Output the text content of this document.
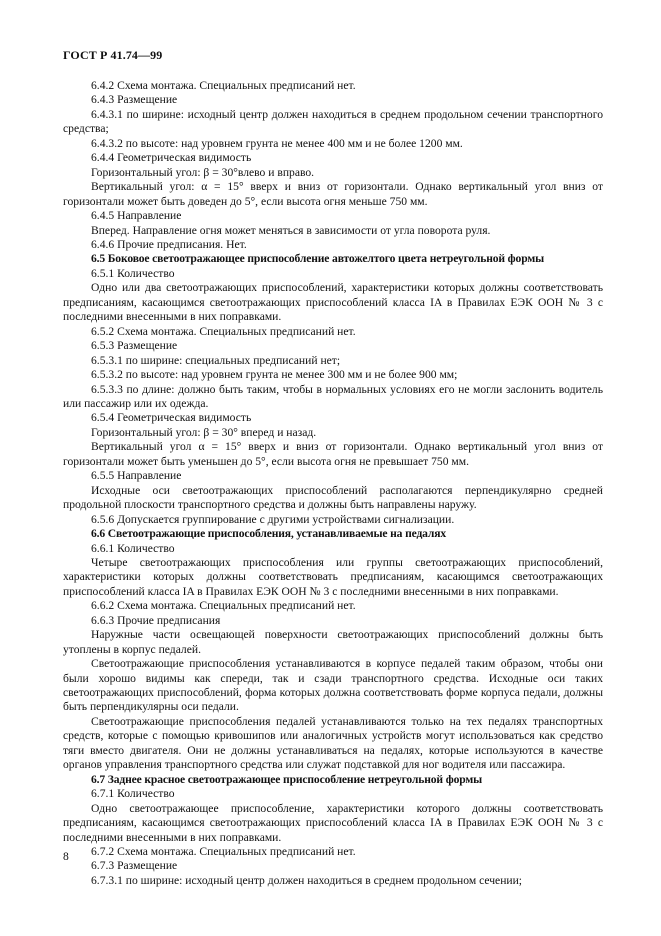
ГОСТ Р 41.74—99

6.4.2 Схема монтажа. Специальных предписаний нет.

6.4.3 Размещение

6.4.3.1 по ширине: исходный центр должен находиться в среднем продольном сечении транспортного средства;

6.4.3.2 по высоте: над уровнем грунта не менее 400 мм и не более 1200 мм.

6.4.4 Геометрическая видимость

Горизонтальный угол: β = 30°влево и вправо.

Вертикальный угол: α = 15° вверх и вниз от горизонтали. Однако вертикальный угол вниз от горизонтали может быть доведен до 5°, если высота огня меньше 750 мм.

6.4.5 Направление

Вперед. Направление огня может меняться в зависимости от угла поворота руля.

6.4.6 Прочие предписания. Нет.

6.5 Боковое светоотражающее приспособление автожелтого цвета нетреугольной формы

6.5.1 Количество

Одно или два светоотражающих приспособлений, характеристики которых должны соответствовать предписаниям, касающимся светоотражающих приспособлений класса IA в Правилах ЕЭК ООН № 3 с последними внесенными в них поправками.

6.5.2 Схема монтажа. Специальных предписаний нет.

6.5.3 Размещение

6.5.3.1 по ширине: специальных предписаний нет;

6.5.3.2 по высоте: над уровнем грунта не менее 300 мм и не более 900 мм;

6.5.3.3 по длине: должно быть таким, чтобы в нормальных условиях его не могли заслонить водитель или пассажир или их одежда.

6.5.4 Геометрическая видимость

Горизонтальный угол: β = 30° вперед и назад.

Вертикальный угол α = 15° вверх и вниз от горизонтали. Однако вертикальный угол вниз от горизонтали может быть уменьшен до 5°, если высота огня не превышает 750 мм.

6.5.5 Направление

Исходные оси светоотражающих приспособлений располагаются перпендикулярно средней продольной плоскости транспортного средства и должны быть направлены наружу.

6.5.6 Допускается группирование с другими устройствами сигнализации.

6.6 Светоотражающие приспособления, устанавливаемые на педалях

6.6.1 Количество

Четыре светоотражающих приспособления или группы светоотражающих приспособлений, характеристики которых должны соответствовать предписаниям, касающимся светоотражающих приспособлений класса IA в Правилах ЕЭК ООН № 3 с последними внесенными в них поправками.

6.6.2 Схема монтажа. Специальных предписаний нет.

6.6.3 Прочие предписания

Наружные части освещающей поверхности светоотражающих приспособлений должны быть утоплены в корпус педалей.

Светоотражающие приспособления устанавливаются в корпусе педалей таким образом, чтобы они были хорошо видимы как спереди, так и сзади транспортного средства. Исходные оси таких светоотражающих приспособлений, форма которых должна соответствовать форме корпуса педали, должны быть перпендикулярны оси педали.

Светоотражающие приспособления педалей устанавливаются только на тех педалях транспортных средств, которые с помощью кривошипов или аналогичных устройств могут использоваться как средство тяги вместо двигателя. Они не должны устанавливаться на педалях, которые используются в качестве органов управления транспортного средства или служат подставкой для ног водителя или пассажира.

6.7 Заднее красное светоотражающее приспособление нетреугольной формы

6.7.1 Количество

Одно светоотражающее приспособление, характеристики которого должны соответствовать предписаниям, касающимся светоотражающих приспособлений класса IA в Правилах ЕЭК ООН № 3 с последними внесенными в них поправками.

6.7.2 Схема монтажа. Специальных предписаний нет.

6.7.3 Размещение

6.7.3.1 по ширине: исходный центр должен находиться в среднем продольном сечении;

8
